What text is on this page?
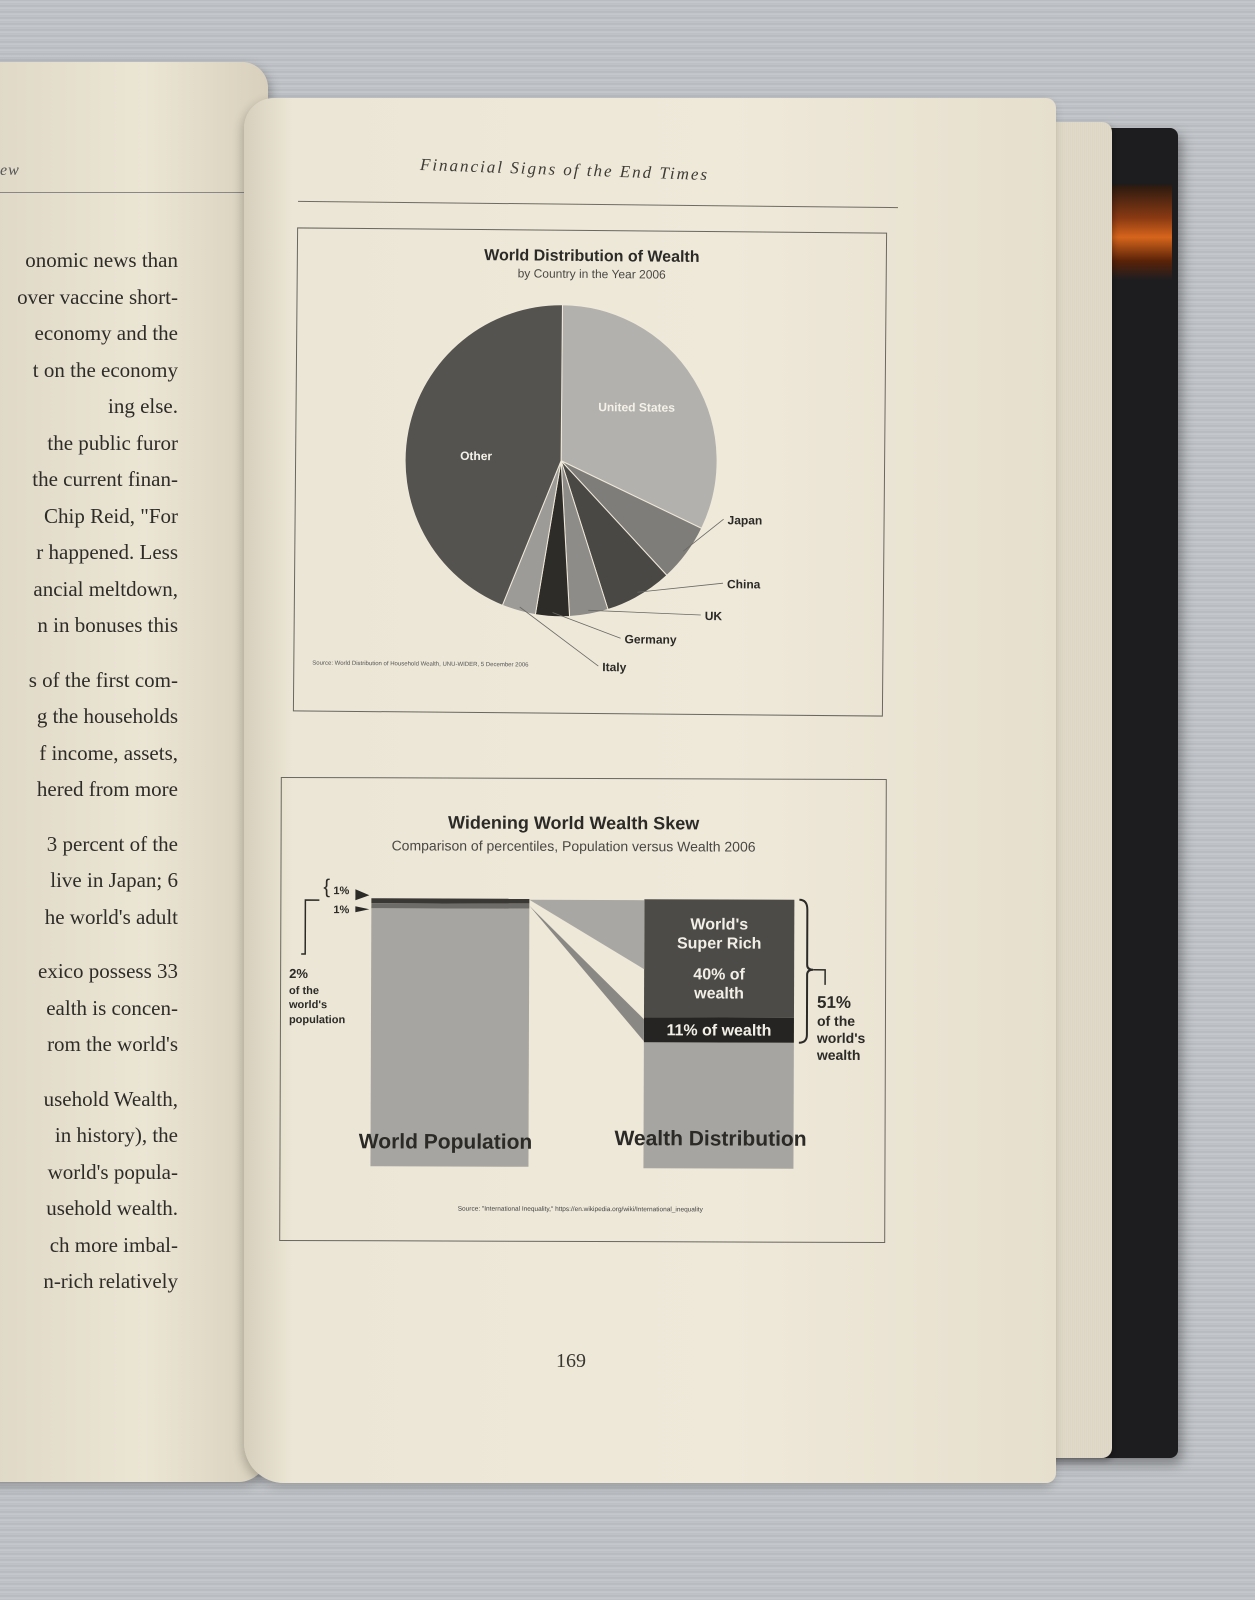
ew
onomic news than
over vaccine short-
economy and the
t on the economy
ing else.
the public furor
the current finan-
Chip Reid, "For
r happened. Less
ancial meltdown,
n in bonuses this
s of the first com-
g the households
f income, assets,
hered from more
3 percent of the
live in Japan; 6
he world's adult
exico possess 33
ealth is concen-
rom the world's
usehold Wealth,
in history), the
world's popula-
usehold wealth.
ch more imbal-
n-rich relatively
Financial Signs of the End Times
World Distribution of Wealth
by Country in the Year 2006
United States
Japan
China
UK
Germany
Italy
Other
Source: World Distribution of Household Wealth, UNU-WIDER, 5 December 2006
Widening World Wealth Skew
Comparison of percentiles, Population versus Wealth 2006
{ 1%
1%
2%
of the
world's
population
World's
Super Rich
40% of
wealth
11% of wealth
51%
of the
world's
wealth
World Population	Wealth Distribution
Source: "International Inequality," https://en.wikipedia.org/wiki/International_inequality
169
